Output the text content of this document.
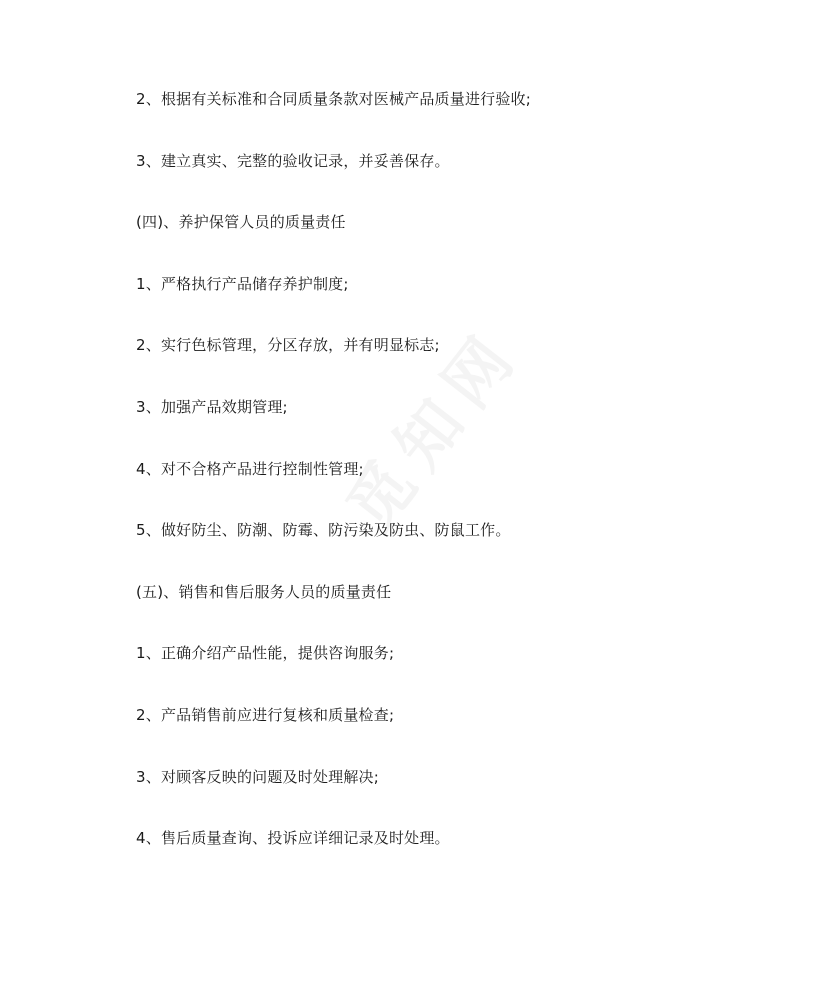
2、根据有关标准和合同质量条款对医械产品质量进行验收;
3、建立真实、完整的验收记录，并妥善保存。
(四)、养护保管人员的质量责任
1、严格执行产品储存养护制度;
2、实行色标管理，分区存放，并有明显标志;
3、加强产品效期管理;
4、对不合格产品进行控制性管理;
5、做好防尘、防潮、防霉、防污染及防虫、防鼠工作。
(五)、销售和售后服务人员的质量责任
1、正确介绍产品性能，提供咨询服务;
2、产品销售前应进行复核和质量检查;
3、对顾客反映的问题及时处理解决;
4、售后质量查询、投诉应详细记录及时处理。
